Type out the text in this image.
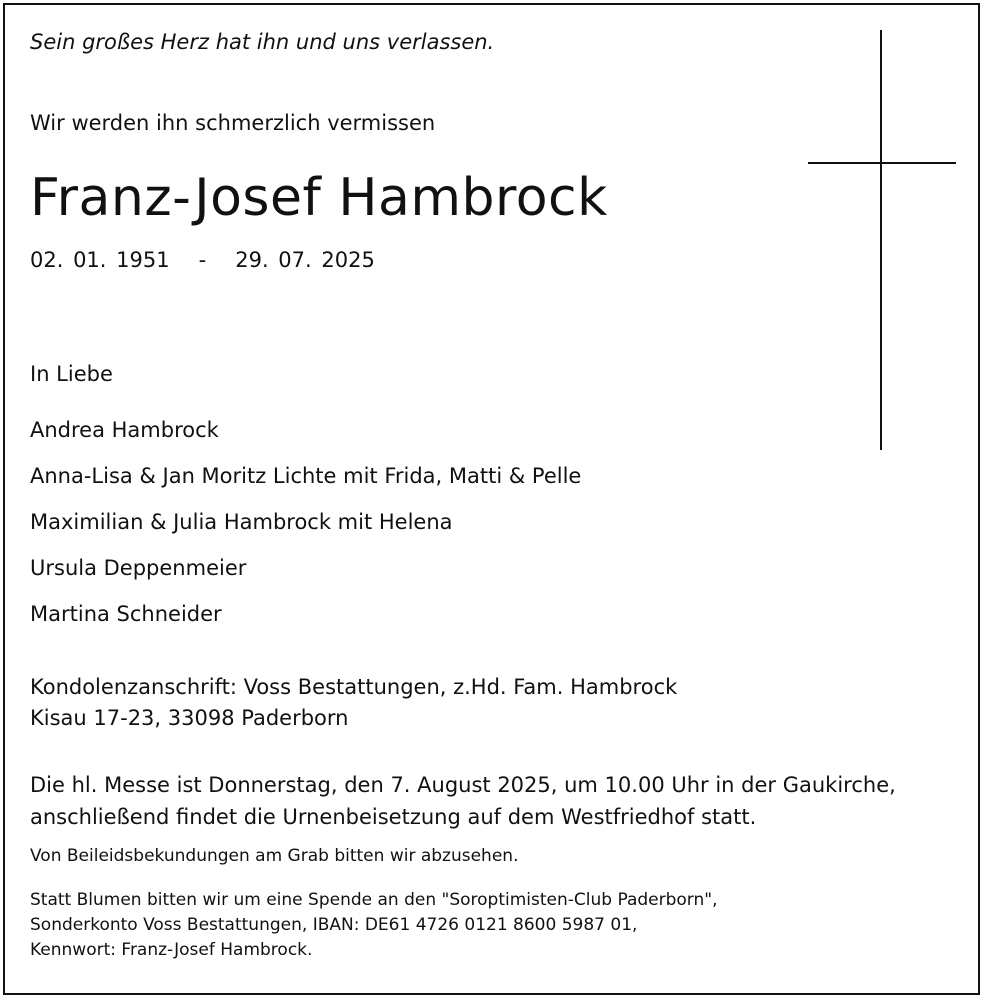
Sein großes Herz hat ihn und uns verlassen.
Wir werden ihn schmerzlich vermissen
Franz-Josef Hambrock
02. 01. 1951   -   29. 07. 2025
In Liebe
Andrea Hambrock
Anna-Lisa & Jan Moritz Lichte mit Frida, Matti & Pelle
Maximilian & Julia Hambrock mit Helena
Ursula Deppenmeier
Martina Schneider
Kondolenzanschrift: Voss Bestattungen, z.Hd. Fam. Hambrock
Kisau 17-23, 33098 Paderborn
Die hl. Messe ist Donnerstag, den 7. August 2025, um 10.00 Uhr in der Gaukirche,
anschließend findet die Urnenbeisetzung auf dem Westfriedhof statt.
Von Beileidsbekundungen am Grab bitten wir abzusehen.
Statt Blumen bitten wir um eine Spende an den "Soroptimisten-Club Paderborn",
Sonderkonto Voss Bestattungen, IBAN: DE61 4726 0121 8600 5987 01,
Kennwort: Franz-Josef Hambrock.
